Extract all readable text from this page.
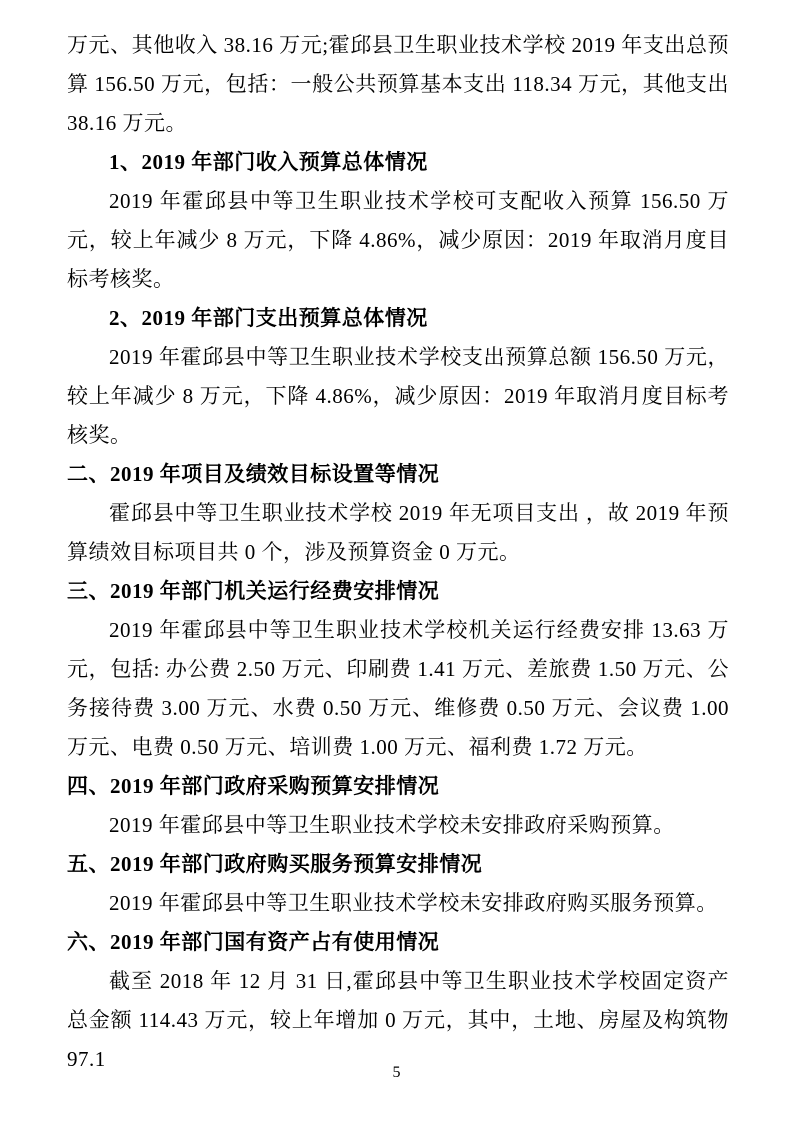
万元、其他收入 38.16 万元;霍邱县卫生职业技术学校 2019 年支出总预算 156.50 万元，包括：一般公共预算基本支出 118.34 万元，其他支出 38.16 万元。

1、2019 年部门收入预算总体情况

2019 年霍邱县中等卫生职业技术学校可支配收入预算 156.50 万元，较上年减少 8 万元，下降 4.86%，减少原因：2019 年取消月度目标考核奖。

2、2019 年部门支出预算总体情况

2019 年霍邱县中等卫生职业技术学校支出预算总额 156.50 万元，较上年减少 8 万元，下降 4.86%，减少原因：2019 年取消月度目标考核奖。

二、2019 年项目及绩效目标设置等情况

霍邱县中等卫生职业技术学校 2019 年无项目支出 ，故 2019 年预算绩效目标项目共 0 个，涉及预算资金 0 万元。

三、2019 年部门机关运行经费安排情况

2019 年霍邱县中等卫生职业技术学校机关运行经费安排 13.63 万元，包括: 办公费 2.50 万元、印刷费 1.41 万元、差旅费 1.50 万元、公务接待费 3.00 万元、水费 0.50 万元、维修费 0.50 万元、会议费 1.00 万元、电费 0.50 万元、培训费 1.00 万元、福利费 1.72 万元。

四、2019 年部门政府采购预算安排情况

2019 年霍邱县中等卫生职业技术学校未安排政府采购预算。

五、2019 年部门政府购买服务预算安排情况

2019 年霍邱县中等卫生职业技术学校未安排政府购买服务预算。

六、2019 年部门国有资产占有使用情况

截至 2018 年 12 月 31 日,霍邱县中等卫生职业技术学校固定资产总金额 114.43 万元，较上年增加 0 万元，其中，土地、房屋及构筑物 97.1

5
